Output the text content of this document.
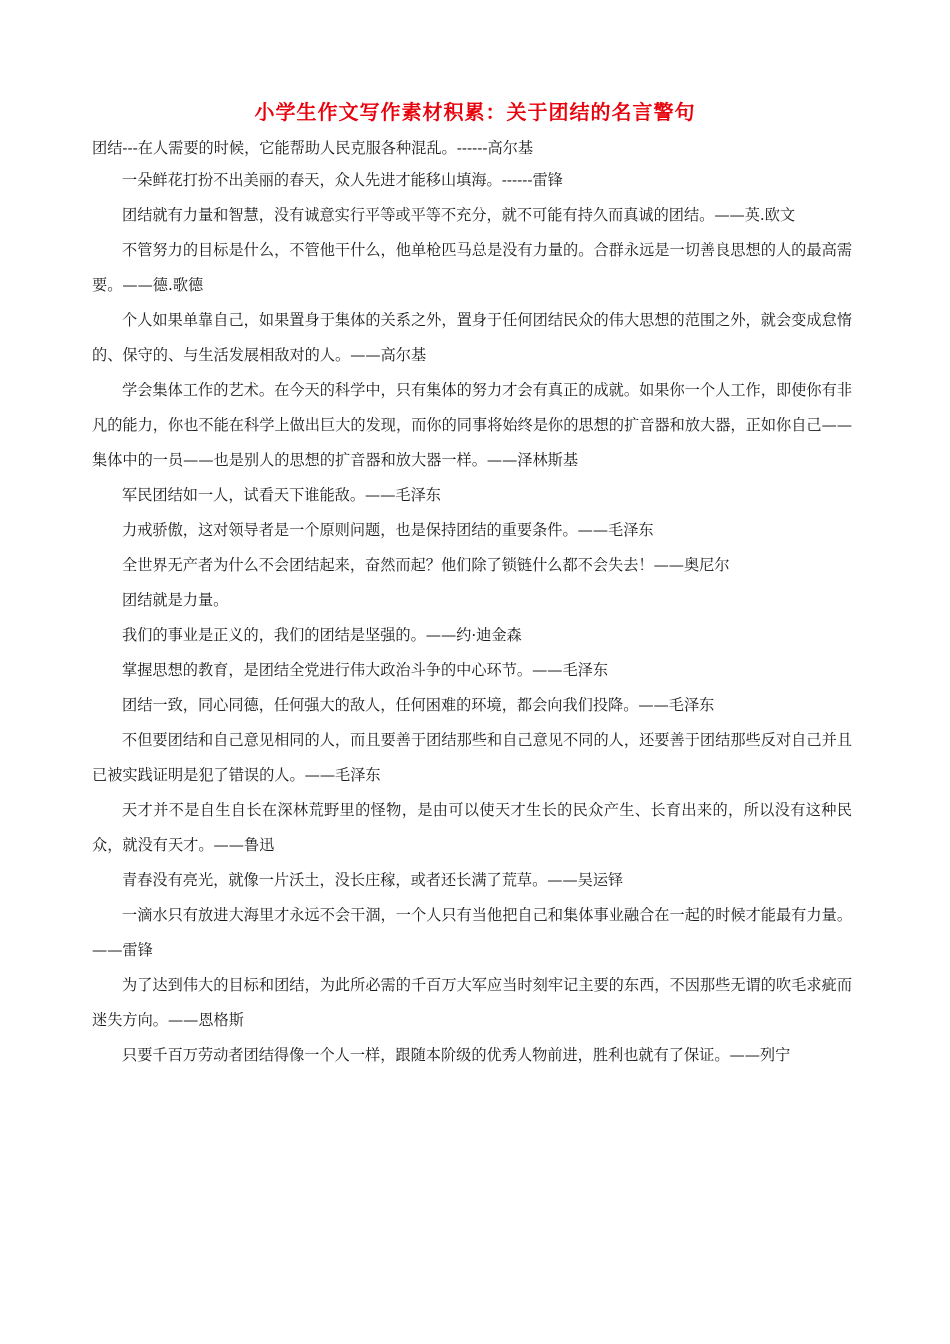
小学生作文写作素材积累：关于团结的名言警句

团结---在人需要的时候，它能帮助人民克服各种混乱。------高尔基

一朵鲜花打扮不出美丽的春天，众人先进才能移山填海。------雷锋

团结就有力量和智慧，没有诚意实行平等或平等不充分，就不可能有持久而真诚的团结。——英.欧文

不管努力的目标是什么，不管他干什么，他单枪匹马总是没有力量的。合群永远是一切善良思想的人的最高需要。——德.歌德

个人如果单靠自己，如果置身于集体的关系之外，置身于任何团结民众的伟大思想的范围之外，就会变成怠惰的、保守的、与生活发展相敌对的人。——高尔基

学会集体工作的艺术。在今天的科学中，只有集体的努力才会有真正的成就。如果你一个人工作，即使你有非凡的能力，你也不能在科学上做出巨大的发现，而你的同事将始终是你的思想的扩音器和放大器，正如你自己——集体中的一员——也是别人的思想的扩音器和放大器一样。——泽林斯基

军民团结如一人，试看天下谁能敌。——毛泽东

力戒骄傲，这对领导者是一个原则问题，也是保持团结的重要条件。——毛泽东

全世界无产者为什么不会团结起来，奋然而起？他们除了锁链什么都不会失去！——奥尼尔

团结就是力量。

我们的事业是正义的，我们的团结是坚强的。——约·迪金森

掌握思想的教育，是团结全党进行伟大政治斗争的中心环节。——毛泽东

团结一致，同心同德，任何强大的敌人，任何困难的环境，都会向我们投降。——毛泽东

不但要团结和自己意见相同的人，而且要善于团结那些和自己意见不同的人，还要善于团结那些反对自己并且已被实践证明是犯了错误的人。——毛泽东

天才并不是自生自长在深林荒野里的怪物，是由可以使天才生长的民众产生、长育出来的，所以没有这种民众，就没有天才。——鲁迅

青春没有亮光，就像一片沃土，没长庄稼，或者还长满了荒草。——吴运铎

一滴水只有放进大海里才永远不会干涸，一个人只有当他把自己和集体事业融合在一起的时候才能最有力量。——雷锋

为了达到伟大的目标和团结，为此所必需的千百万大军应当时刻牢记主要的东西，不因那些无谓的吹毛求疵而迷失方向。——恩格斯

只要千百万劳动者团结得像一个人一样，跟随本阶级的优秀人物前进，胜利也就有了保证。——列宁
